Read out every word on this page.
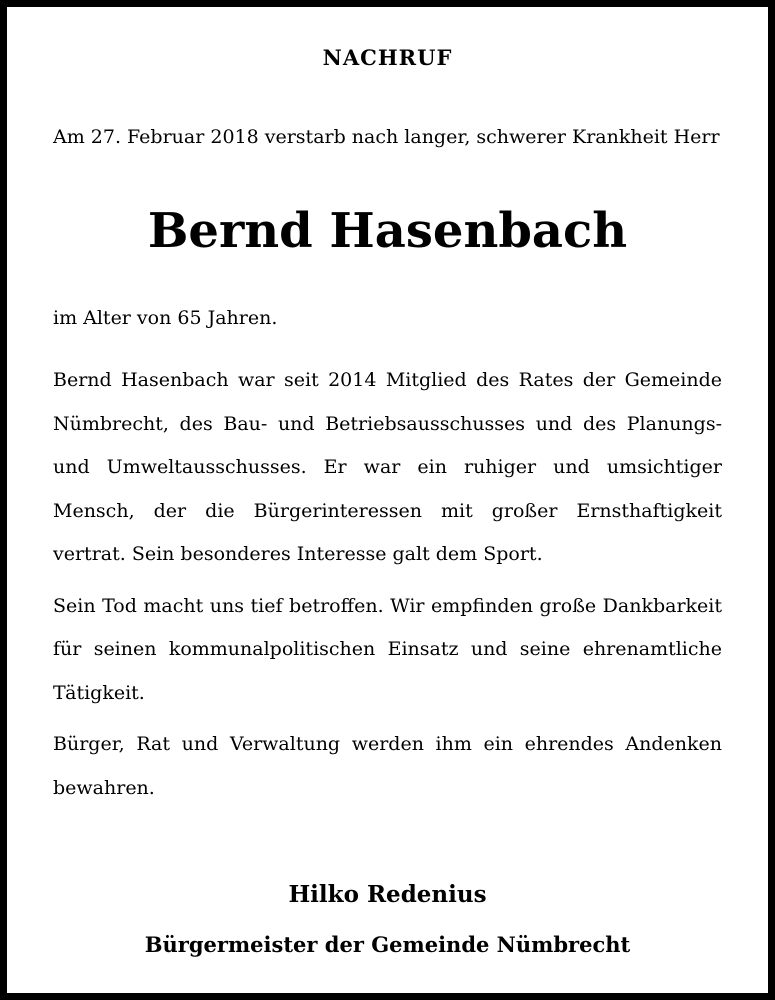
NACHRUF
Am 27. Februar 2018 verstarb nach langer, schwerer Krankheit Herr
Bernd Hasenbach
im Alter von 65 Jahren.

Bernd Hasenbach war seit 2014 Mitglied des Rates der Gemeinde Nümbrecht, des Bau- und Betriebsausschusses und des Planungs- und Umweltausschusses. Er war ein ruhiger und umsichtiger Mensch, der die Bürgerinteressen mit großer Ernsthaftigkeit vertrat. Sein besonderes Interesse galt dem Sport.

Sein Tod macht uns tief betroffen. Wir empfinden große Dankbarkeit für seinen kommunalpolitischen Einsatz und seine ehrenamtliche Tätigkeit.

Bürger, Rat und Verwaltung werden ihm ein ehrendes Andenken bewahren.

Hilko Redenius
Bürgermeister der Gemeinde Nümbrecht
